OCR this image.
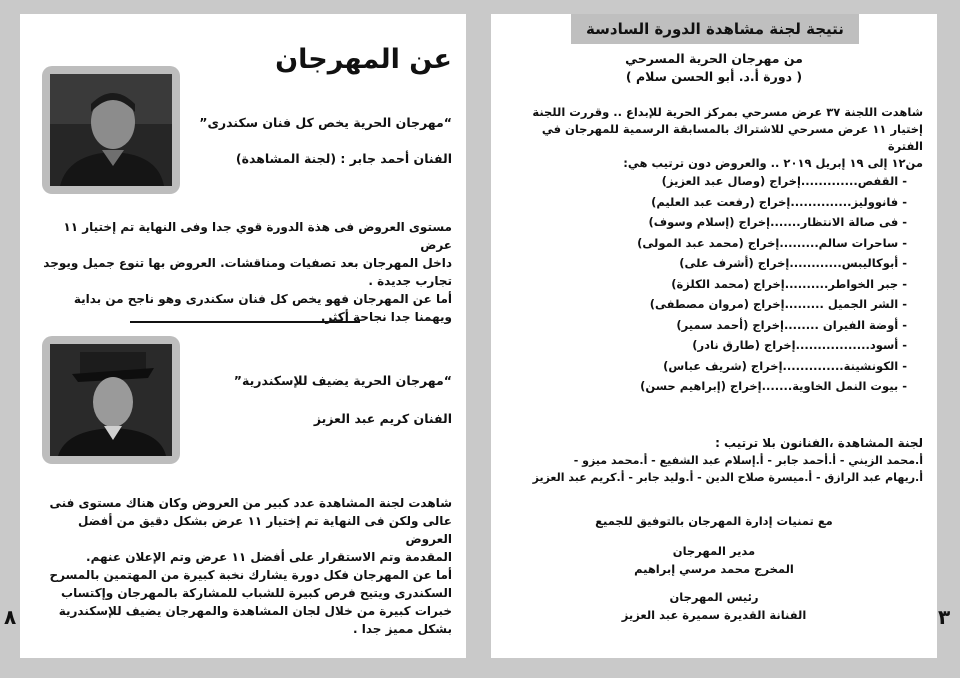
عن المهرجان
“مهرجان الحرية يخص كل فنان سكندرى”
الفنان أحمد جابر : (لجنة المشاهدة)
مستوى العروض فى هذة الدورة قوي جدا وفى النهاية تم إختيار ١١ عرض
داخل المهرجان بعد تصفيات ومناقشات. العروض بها تنوع جميل ويوجد
تجارب جديدة .
أما عن المهرجان فهو يخص كل فنان سكندرى وهو ناجح من بداية
ويهمنا جدا نجاحة أكثر.
“مهرجان الحرية يضيف للإسكندرية”
الفنان كريم عبد العزيز
شاهدت لجنة المشاهدة عدد كبير من العروض وكان هناك مستوى فنى
عالى ولكن فى النهاية تم إختيار ١١ عرض بشكل دقيق من أفضل العروض
المقدمة وتم الاستقرار على أفضل ١١ عرض وتم الإعلان عنهم.
أما عن المهرجان فكل دورة يشارك نخبة كبيرة من المهتمين بالمسرح
السكندرى ويتيح فرص كبيرة للشباب للمشاركة بالمهرجان وإكتساب
خبرات كبيرة من خلال لجان المشاهدة والمهرجان يضيف للإسكندرية
بشكل مميز جدا .
٨
نتيجة لجنة مشاهدة الدورة السادسة
من مهرجان الحرية المسرحي
( دورة أ.د. أبو الحسن سلام )
شاهدت اللجنة ٣٧ عرض مسرحي بمركز الحرية للإبداع .. وقررت اللجنة
إختيار ١١ عرض مسرحي للاشتراك بالمسابقة الرسمية للمهرجان في الفترة
من١٢ إلى ١٩ إبريل ٢٠١٩ .. والعروض دون ترتيب هي:
- القفص.............إخراج (وصال عبد العزيز)
- فانووليز..............إخراج (رفعت عبد العليم)
- فى صالة الانتظار.......إخراج (إسلام وسوف)
- ساحرات سالم.........إخراج (محمد عبد المولى)
- أبوكاليبس............إخراج (أشرف على)
- جبر الخواطر..........إخراج (محمد الكلزة)
- الشر الجميل .........إخراج (مروان مصطفى)
- أوضة الفيران ........إخراج (أحمد سمير)
- أسود.................إخراج (طارق نادر)
- الكونشينة..............إخراج (شريف عباس)
- بيوت النمل الخاوية.......إخراج (إبراهيم حسن)
لجنة المشاهدة ،الفنانون بلا ترتيب :
أ.محمد الزيني - أ.أحمد جابر - أ.إسلام عبد الشفيع - أ.محمد ميزو -
أ.ريهام عبد الرازق - أ.ميسرة صلاح الدين - أ.وليد جابر - أ.كريم عبد العزيز
مع تمنيات إدارة المهرجان بالتوفيق للجميع
مدير المهرجان
المخرج محمد مرسي إبراهيم
رئيس المهرجان
الفنانة القديرة سميرة عبد العزيز	٣
